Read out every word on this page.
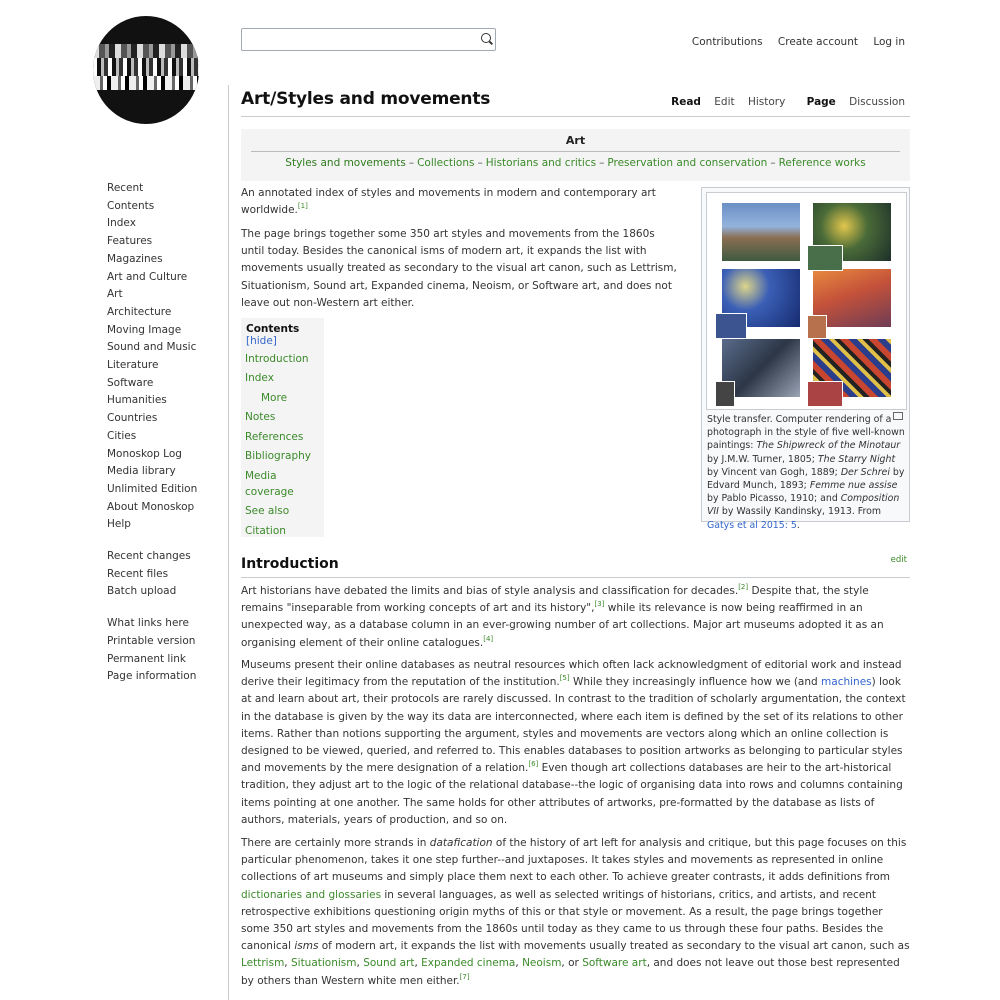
Recent
Contents
Index
Features
Magazines
Art and Culture
Art
Architecture
Moving Image
Sound and Music
Literature
Software
Humanities
Countries
Cities
Monoskop Log
Media library
Unlimited Edition
About Monoskop
Help
Recent changes
Recent files
Batch upload
What links here
Printable version
Permanent link
Page information
Contributions Create account Log in
Art/Styles and movements	Read Edit History Page Discussion
Art
Styles and movements – Collections – Historians and critics – Preservation and conservation – Reference works
An annotated index of styles and movements in modern and contemporary art worldwide.[1]
The page brings together some 350 art styles and movements from the 1860s until today. Besides the canonical isms of modern art, it expands the list with movements usually treated as secondary to the visual art canon, such as Lettrism, Situationism, Sound art, Expanded cinema, Neoism, or Software art, and does not leave out non-Western art either.
Contents [hide]
Introduction
Index
More
Notes
References
Bibliography
Media coverage
See also
Citation
Style transfer. Computer rendering of a photograph in the style of five well-known paintings: The Shipwreck of the Minotaur by J.M.W. Turner, 1805; The Starry Night by Vincent van Gogh, 1889; Der Schrei by Edvard Munch, 1893; Femme nue assise by Pablo Picasso, 1910; and Composition VII by Wassily Kandinsky, 1913. From Gatys et al 2015: 5.
Introduction	edit
Art historians have debated the limits and bias of style analysis and classification for decades.[2] Despite that, the style remains "inseparable from working concepts of art and its history",[3] while its relevance is now being reaffirmed in an unexpected way, as a database column in an ever-growing number of art collections. Major art museums adopted it as an organising element of their online catalogues.[4]
Museums present their online databases as neutral resources which often lack acknowledgment of editorial work and instead derive their legitimacy from the reputation of the institution.[5] While they increasingly influence how we (and machines) look at and learn about art, their protocols are rarely discussed. In contrast to the tradition of scholarly argumentation, the context in the database is given by the way its data are interconnected, where each item is defined by the set of its relations to other items. Rather than notions supporting the argument, styles and movements are vectors along which an online collection is designed to be viewed, queried, and referred to. This enables databases to position artworks as belonging to particular styles and movements by the mere designation of a relation.[6] Even though art collections databases are heir to the art-historical tradition, they adjust art to the logic of the relational database--the logic of organising data into rows and columns containing items pointing at one another. The same holds for other attributes of artworks, pre-formatted by the database as lists of authors, materials, years of production, and so on.
There are certainly more strands in datafication of the history of art left for analysis and critique, but this page focuses on this particular phenomenon, takes it one step further--and juxtaposes. It takes styles and movements as represented in online collections of art museums and simply place them next to each other. To achieve greater contrasts, it adds definitions from dictionaries and glossaries in several languages, as well as selected writings of historians, critics, and artists, and recent retrospective exhibitions questioning origin myths of this or that style or movement. As a result, the page brings together some 350 art styles and movements from the 1860s until today as they came to us through these four paths. Besides the canonical isms of modern art, it expands the list with movements usually treated as secondary to the visual art canon, such as Lettrism, Situationism, Sound art, Expanded cinema, Neoism, or Software art, and does not leave out those best represented by others than Western white men either.[7]
